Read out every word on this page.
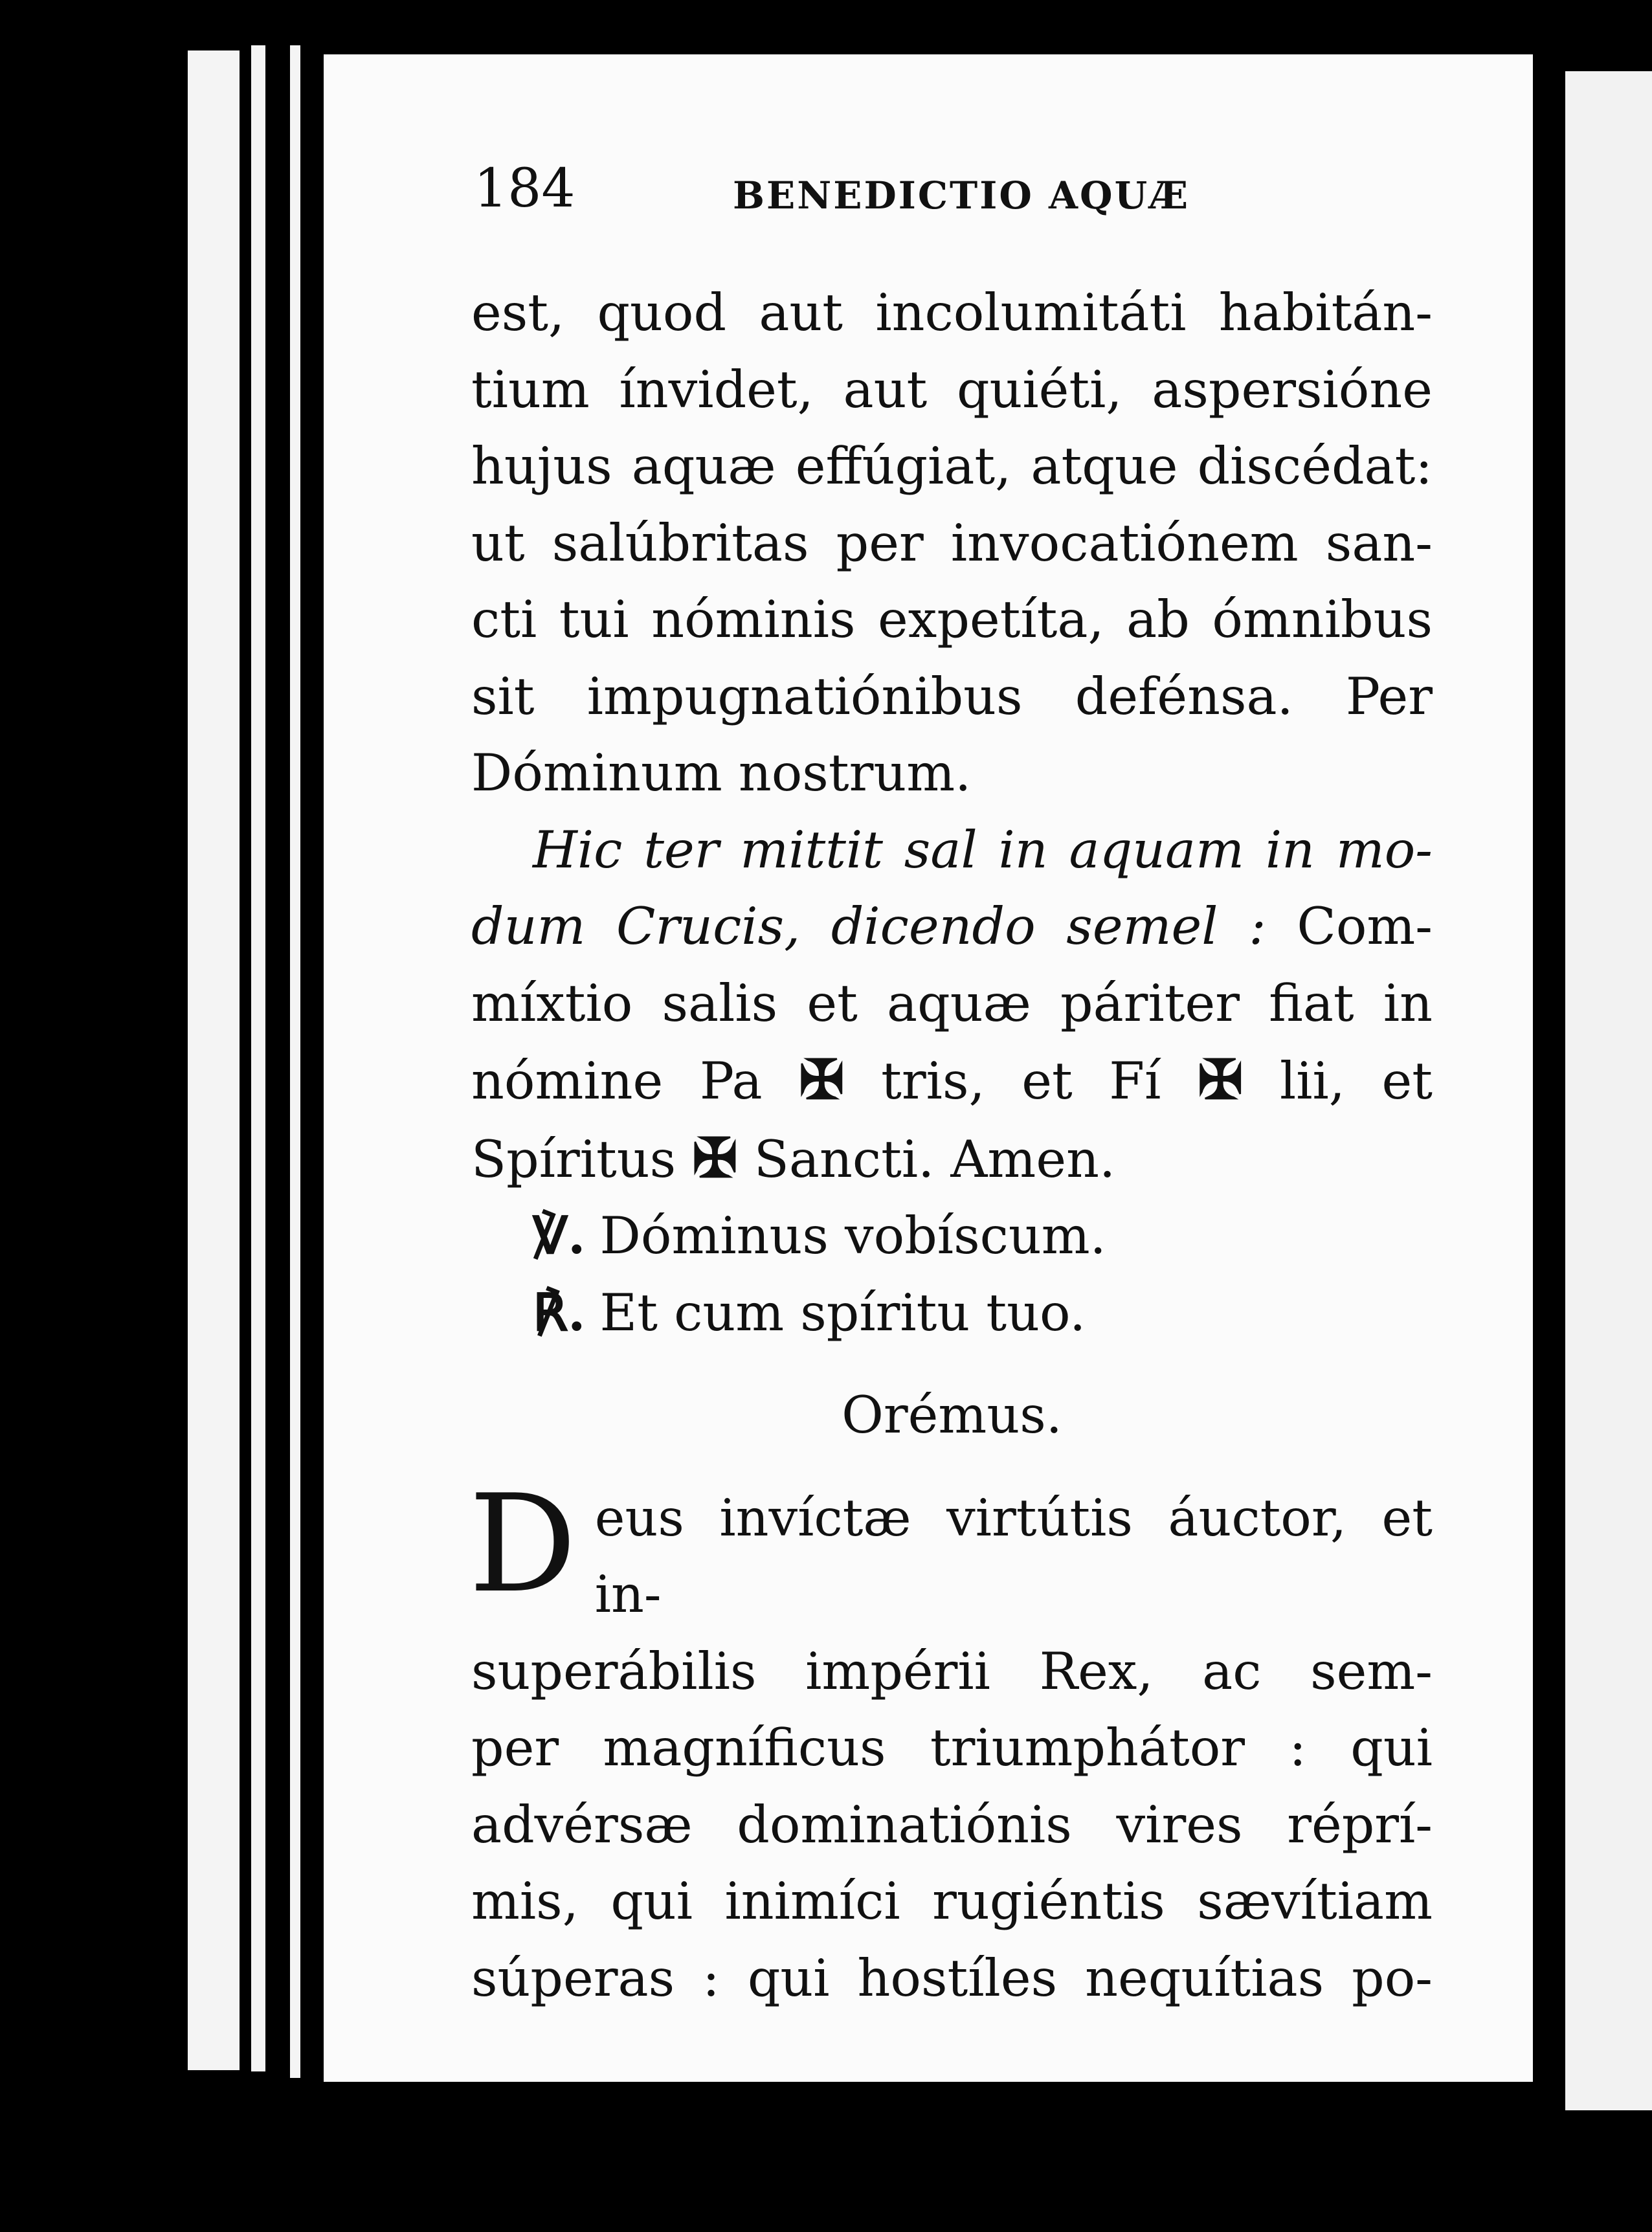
184	BENEDICTIO AQUÆ

est, quod aut incolumitáti habitán-

tium ínvidet, aut quiéti, aspersióne

hujus aquæ effúgiat, atque discédat:

ut salúbritas per invocatiónem san-

cti tui nóminis expetíta, ab ómnibus

sit impugnatiónibus defénsa. Per

Dóminum nostrum.

Hic ter mittit sal in aquam in mo-

dum Crucis, dicendo semel : Com-

míxtio salis et aquæ páriter fiat in

nómine Pa ✠ tris, et Fí ✠ lii, et

Spíritus ✠ Sancti. Amen.

℣. Dóminus vobíscum.

℟. Et cum spíritu tuo.

Orémus.

D eus invíctæ virtútis áuctor, et in-

superábilis impérii Rex, ac sem-

per magníficus triumphátor : qui

advérsæ dominatiónis vires réprí-

mis, qui inimíci rugiéntis sævítiam

súperas : qui hostíles nequítias po-
